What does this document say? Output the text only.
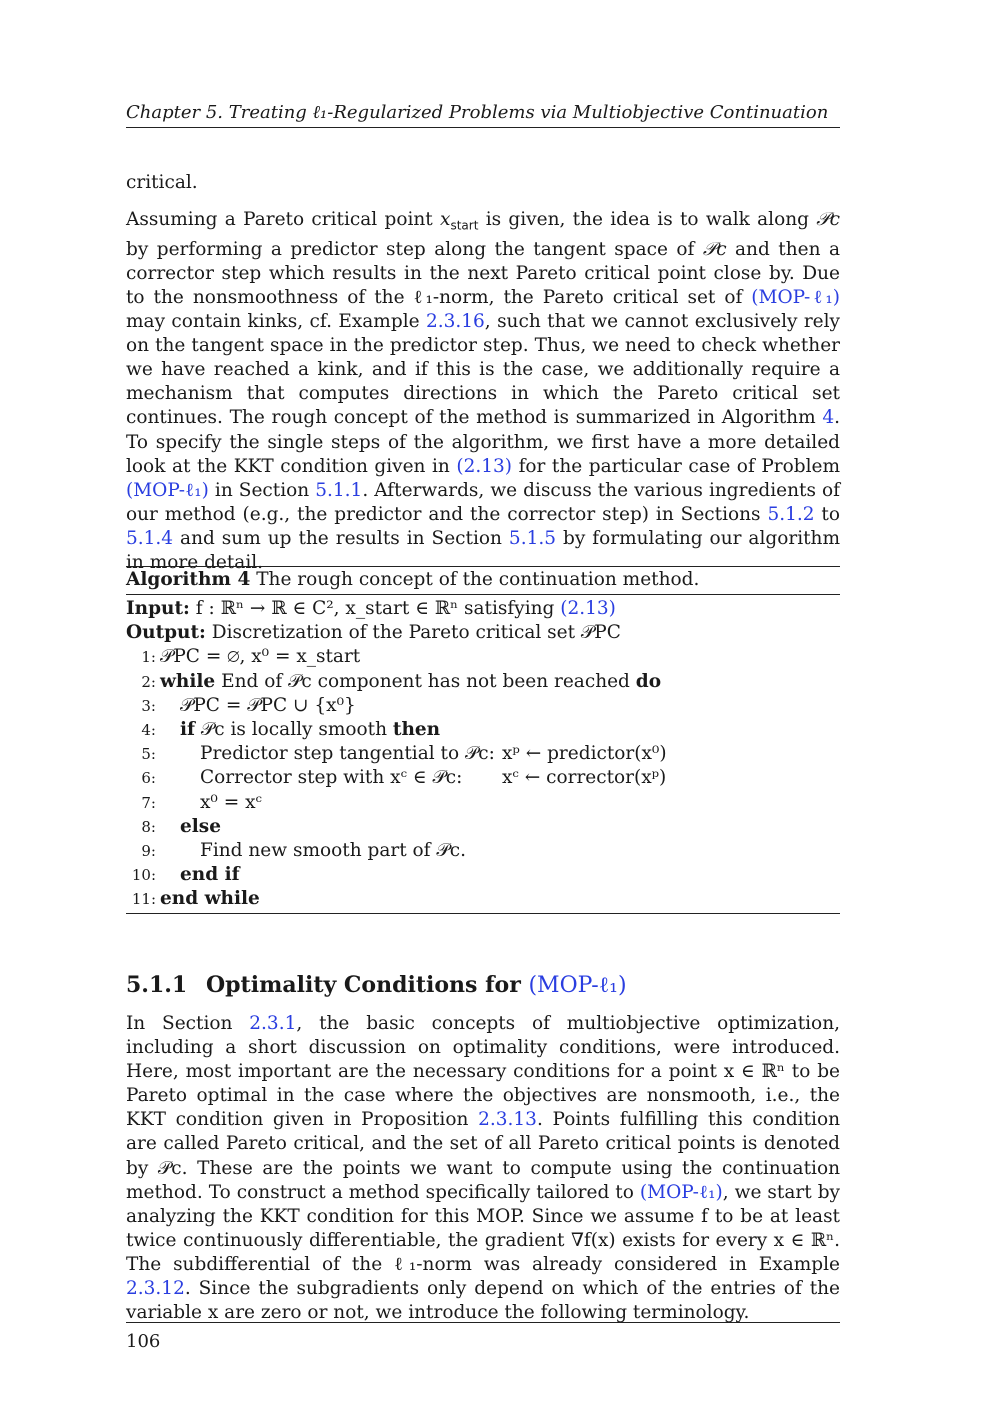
Chapter 5. Treating ℓ₁-Regularized Problems via Multiobjective Continuation

critical.

Assuming a Pareto critical point $x_{start}$ is given, the idea is to walk along 𝒫c by performing a predictor step along the tangent space of 𝒫c and then a corrector step which results in the next Pareto critical point close by. Due to the nonsmoothness of the ℓ₁-norm, the Pareto critical set of (MOP-ℓ₁) may contain kinks, cf. Example 2.3.16, such that we cannot exclusively rely on the tangent space in the predictor step. Thus, we need to check whether we have reached a kink, and if this is the case, we additionally require a mechanism that computes directions in which the Pareto critical set continues. The rough concept of the method is summarized in Algorithm 4. To specify the single steps of the algorithm, we first have a more detailed look at the KKT condition given in (2.13) for the particular case of Problem (MOP-ℓ₁) in Section 5.1.1. Afterwards, we discuss the various ingredients of our method (e.g., the predictor and the corrector step) in Sections 5.1.2 to 5.1.4 and sum up the results in Section 5.1.5 by formulating our algorithm in more detail.

Algorithm 4 The rough concept of the continuation method.
Input: f : ℝⁿ → ℝ ∈ C², x_start ∈ ℝⁿ satisfying (2.13)
Output: Discretization of the Pareto critical set 𝒫PC
1: 𝒫PC = ∅, x⁰ = x_start
2: while End of 𝒫c component has not been reached do
3: 𝒫PC = 𝒫PC ∪ {x⁰}
4: if 𝒫c is locally smooth then
5: Predictor step tangential to 𝒫c: xᵖ ← predictor(x⁰)
6: Corrector step with xᶜ ∈ 𝒫c: xᶜ ← corrector(xᵖ)
7: x⁰ = xᶜ
8: else
9: Find new smooth part of 𝒫c.
10: end if
11: end while
5.1.1 Optimality Conditions for (MOP-ℓ₁)

In Section 2.3.1, the basic concepts of multiobjective optimization, including a short discussion on optimality conditions, were introduced. Here, most important are the necessary conditions for a point x ∈ ℝⁿ to be Pareto optimal in the case where the objectives are nonsmooth, i.e., the KKT condition given in Proposition 2.3.13. Points fulfilling this condition are called Pareto critical, and the set of all Pareto critical points is denoted by 𝒫c. These are the points we want to compute using the continuation method. To construct a method specifically tailored to (MOP-ℓ₁), we start by analyzing the KKT condition for this MOP. Since we assume f to be at least twice continuously differentiable, the gradient ∇f(x) exists for every x ∈ ℝⁿ. The subdifferential of the ℓ₁-norm was already considered in Example 2.3.12. Since the subgradients only depend on which of the entries of the variable x are zero or not, we introduce the following terminology.

106
